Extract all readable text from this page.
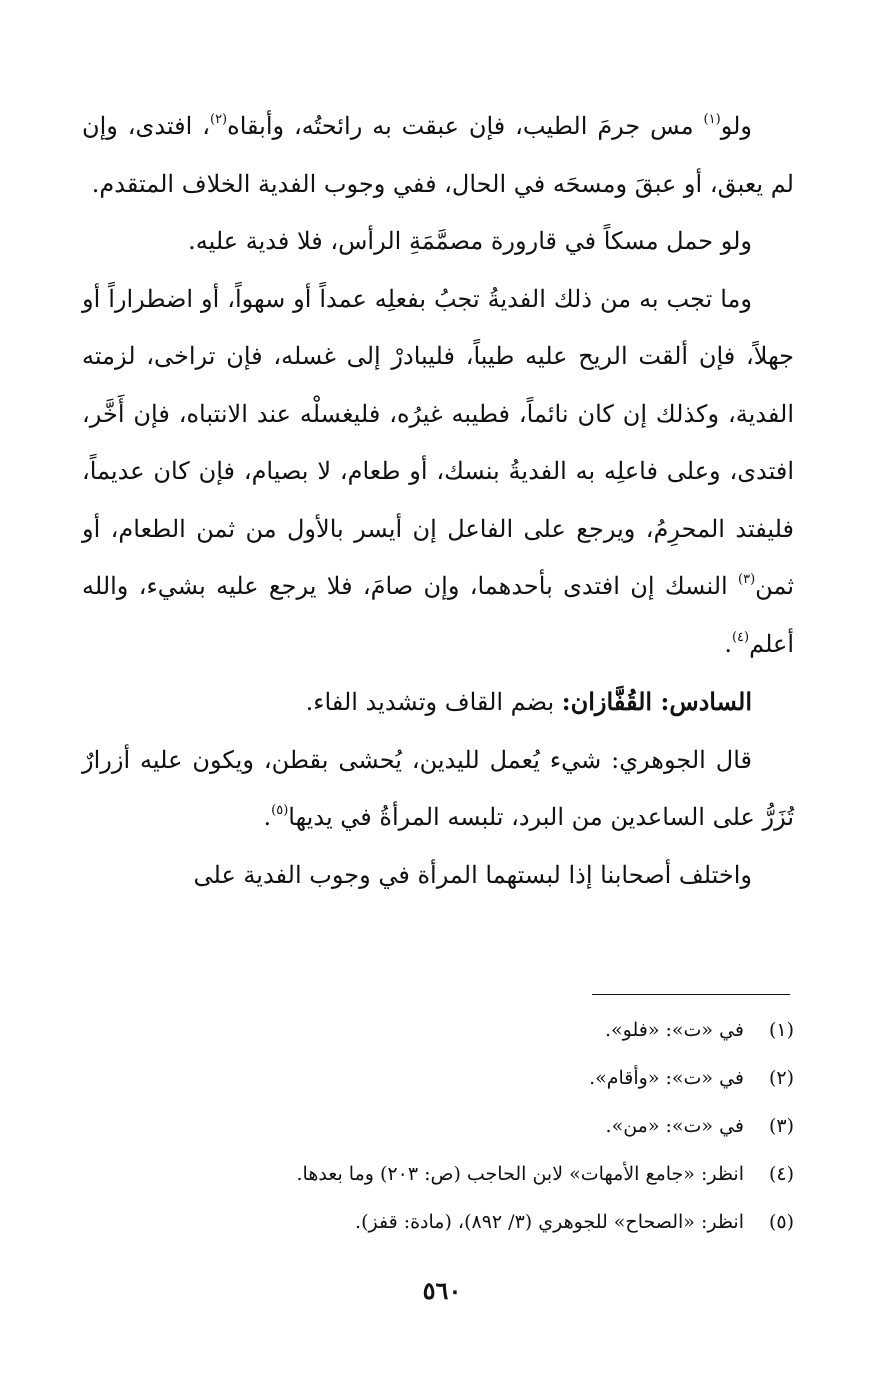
ولو$^{(١)}$ مس جرمَ الطيب، فإن عبقت به رائحتُه، وأبقاه$^{(٢)}$، افتدى، وإن لم يعبق، أو عبقَ ومسحَه في الحال، ففي وجوب الفدية الخلاف المتقدم.

ولو حمل مسكاً في قارورة مصمَّمَةِ الرأس، فلا فدية عليه.

وما تجب به من ذلك الفديةُ تجبُ بفعلِه عمداً أو سهواً، أو اضطراراً أو جهلاً، فإن ألقت الريح عليه طيباً، فليبادرْ إلى غسله، فإن تراخى، لزمته الفدية، وكذلك إن كان نائماً، فطيبه غيرُه، فليغسلْه عند الانتباه، فإن أَخَّر، افتدى، وعلى فاعلِه به الفديةُ بنسك، أو طعام، لا بصيام، فإن كان عديماً، فليفتد المحرِمُ، ويرجع على الفاعل إن أيسر بالأول من ثمن الطعام، أو ثمن$^{(٣)}$ النسك إن افتدى بأحدهما، وإن صامَ، فلا يرجع عليه بشيء، والله أعلم$^{(٤)}$.

السادس: القُفَّازان: بضم القاف وتشديد الفاء.

قال الجوهري: شيء يُعمل لليدين، يُحشى بقطن، ويكون عليه أزرارٌ تُزَرُّ على الساعدين من البرد، تلبسه المرأةُ في يديها$^{(٥)}$.

واختلف أصحابنا إذا لبستهما المرأة في وجوب الفدية على

(١)
في «ت»: «فلو».
(٢)
في «ت»: «وأقام».
(٣)
في «ت»: «من».
(٤)
انظر: «جامع الأمهات» لابن الحاجب (ص: ٢٠٣) وما بعدها.
(٥)
انظر: «الصحاح» للجوهري (٣/ ٨٩٢)، (مادة: قفز).
٥٦٠
